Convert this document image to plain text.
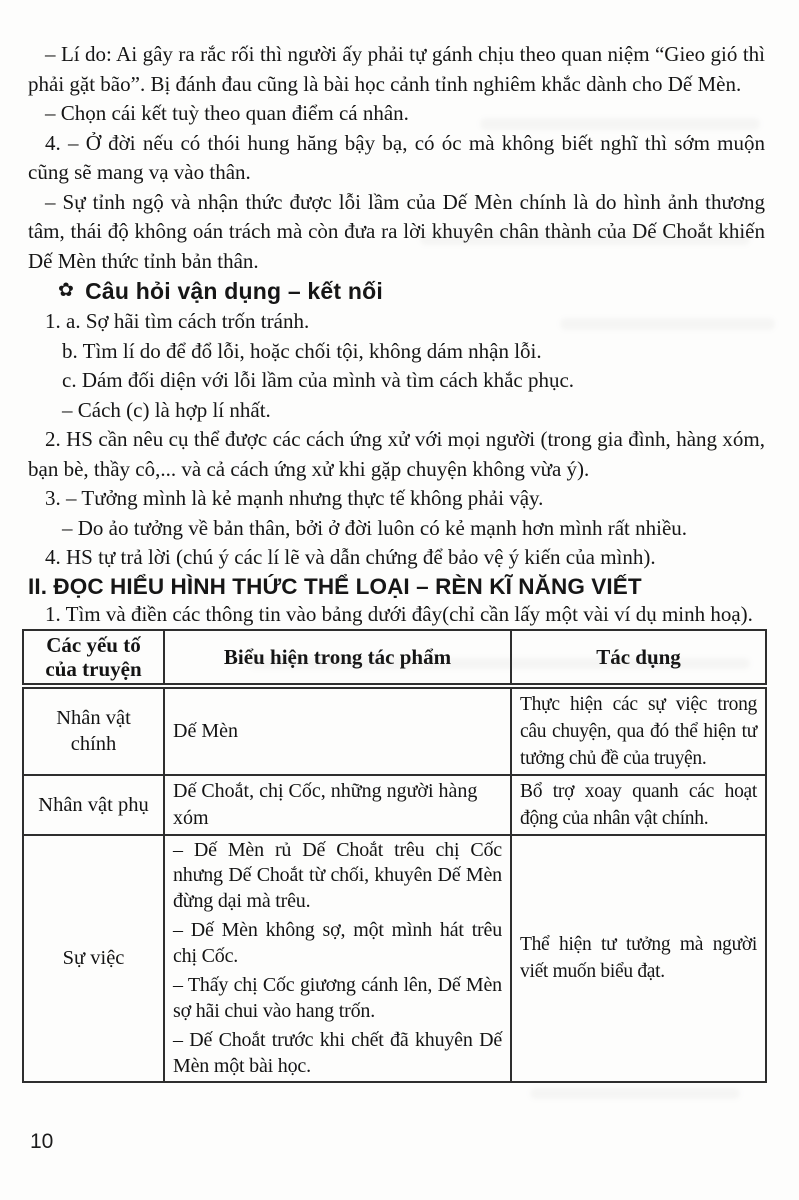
– Lí do: Ai gây ra rắc rối thì người ấy phải tự gánh chịu theo quan niệm “Gieo gió thì phải gặt bão”. Bị đánh đau cũng là bài học cảnh tỉnh nghiêm khắc dành cho Dế Mèn.

– Chọn cái kết tuỳ theo quan điểm cá nhân.

4. – Ở đời nếu có thói hung hăng bậy bạ, có óc mà không biết nghĩ thì sớm muộn cũng sẽ mang vạ vào thân.

– Sự tỉnh ngộ và nhận thức được lỗi lầm của Dế Mèn chính là do hình ảnh thương tâm, thái độ không oán trách mà còn đưa ra lời khuyên chân thành của Dế Choắt khiến Dế Mèn thức tỉnh bản thân.

✿ Câu hỏi vận dụng – kết nối

1. a. Sợ hãi tìm cách trốn tránh.

b. Tìm lí do để đổ lỗi, hoặc chối tội, không dám nhận lỗi.

c. Dám đối diện với lỗi lầm của mình và tìm cách khắc phục.

– Cách (c) là hợp lí nhất.

2. HS cần nêu cụ thể được các cách ứng xử với mọi người (trong gia đình, hàng xóm, bạn bè, thầy cô,... và cả cách ứng xử khi gặp chuyện không vừa ý).

3. – Tưởng mình là kẻ mạnh nhưng thực tế không phải vậy.

– Do ảo tưởng về bản thân, bởi ở đời luôn có kẻ mạnh hơn mình rất nhiều.

4. HS tự trả lời (chú ý các lí lẽ và dẫn chứng để bảo vệ ý kiến của mình).

II. ĐỌC HIỂU HÌNH THỨC THỂ LOẠI – RÈN KĨ NĂNG VIẾT

1. Tìm và điền các thông tin vào bảng dưới đây(chỉ cần lấy một vài ví dụ minh hoạ).

Các yếu tố của truyện	Biểu hiện trong tác phẩm	Tác dụng
Nhân vật chính	Dế Mèn	Thực hiện các sự việc trong câu chuyện, qua đó thể hiện tư tưởng chủ đề của truyện.
Nhân vật phụ	Dế Choắt, chị Cốc, những người hàng xóm	Bổ trợ xoay quanh các hoạt động của nhân vật chính.
Sự việc	– Dế Mèn rủ Dế Choắt trêu chị Cốc nhưng Dế Choắt từ chối, khuyên Dế Mèn đừng dại mà trêu.

– Dế Mèn không sợ, một mình hát trêu chị Cốc.

– Thấy chị Cốc giương cánh lên, Dế Mèn sợ hãi chui vào hang trốn.

– Dế Choắt trước khi chết đã khuyên Dế Mèn một bài học.	Thể hiện tư tưởng mà người viết muốn biểu đạt.
10
